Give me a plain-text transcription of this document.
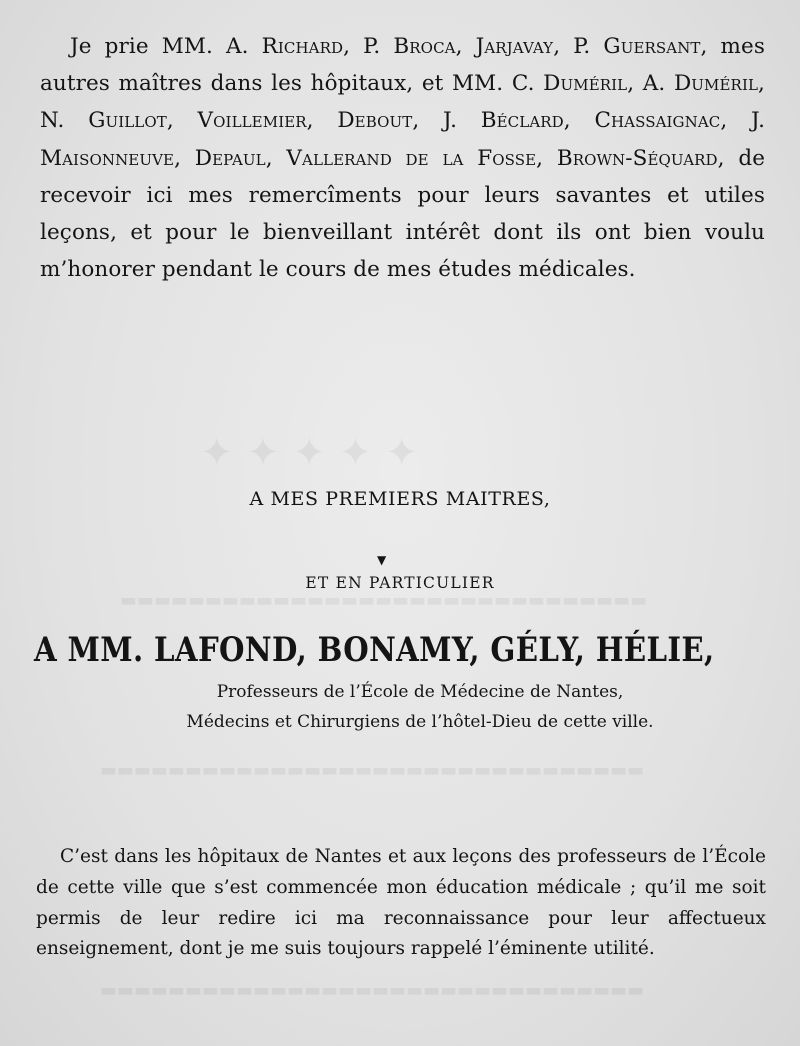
✦ ✦ ✦ ✦ ✦
▬▬▬▬▬▬▬▬▬▬▬▬▬▬▬▬▬▬▬▬▬▬▬▬▬▬▬▬▬▬▬
▬▬▬▬▬▬▬▬▬▬▬▬▬▬▬▬▬▬▬▬▬▬▬▬▬▬▬▬▬▬▬▬
▬▬▬▬▬▬▬▬▬▬▬▬▬▬▬▬▬▬▬▬▬▬▬▬▬▬▬▬▬▬▬▬
Je prie MM. A. Richard, P. Broca, Jarjavay, P. Guersant, mes autres maîtres dans les hôpitaux, et MM. C. Duméril, A. Duméril, N. Guillot, Voillemier, Debout, J. Béclard, Chassaignac, J. Maisonneuve, Depaul, Vallerand de la Fosse, Brown-Séquard, de recevoir ici mes remercîments pour leurs savantes et utiles leçons, et pour le bienveillant intérêt dont ils ont bien voulu m’honorer pendant le cours de mes études médicales.
A MES PREMIERS MAITRES,
▼
ET EN PARTICULIER
A MM. LAFOND, BONAMY, GÉLY, HÉLIE,
Professeurs de l’École de Médecine de Nantes,
Médecins et Chirurgiens de l’hôtel-Dieu de cette ville.
C’est dans les hôpitaux de Nantes et aux leçons des professeurs de l’École de cette ville que s’est commencée mon éducation médicale ; qu’il me soit permis de leur redire ici ma reconnaissance pour leur affectueux enseignement, dont je me suis toujours rappelé l’éminente utilité.
